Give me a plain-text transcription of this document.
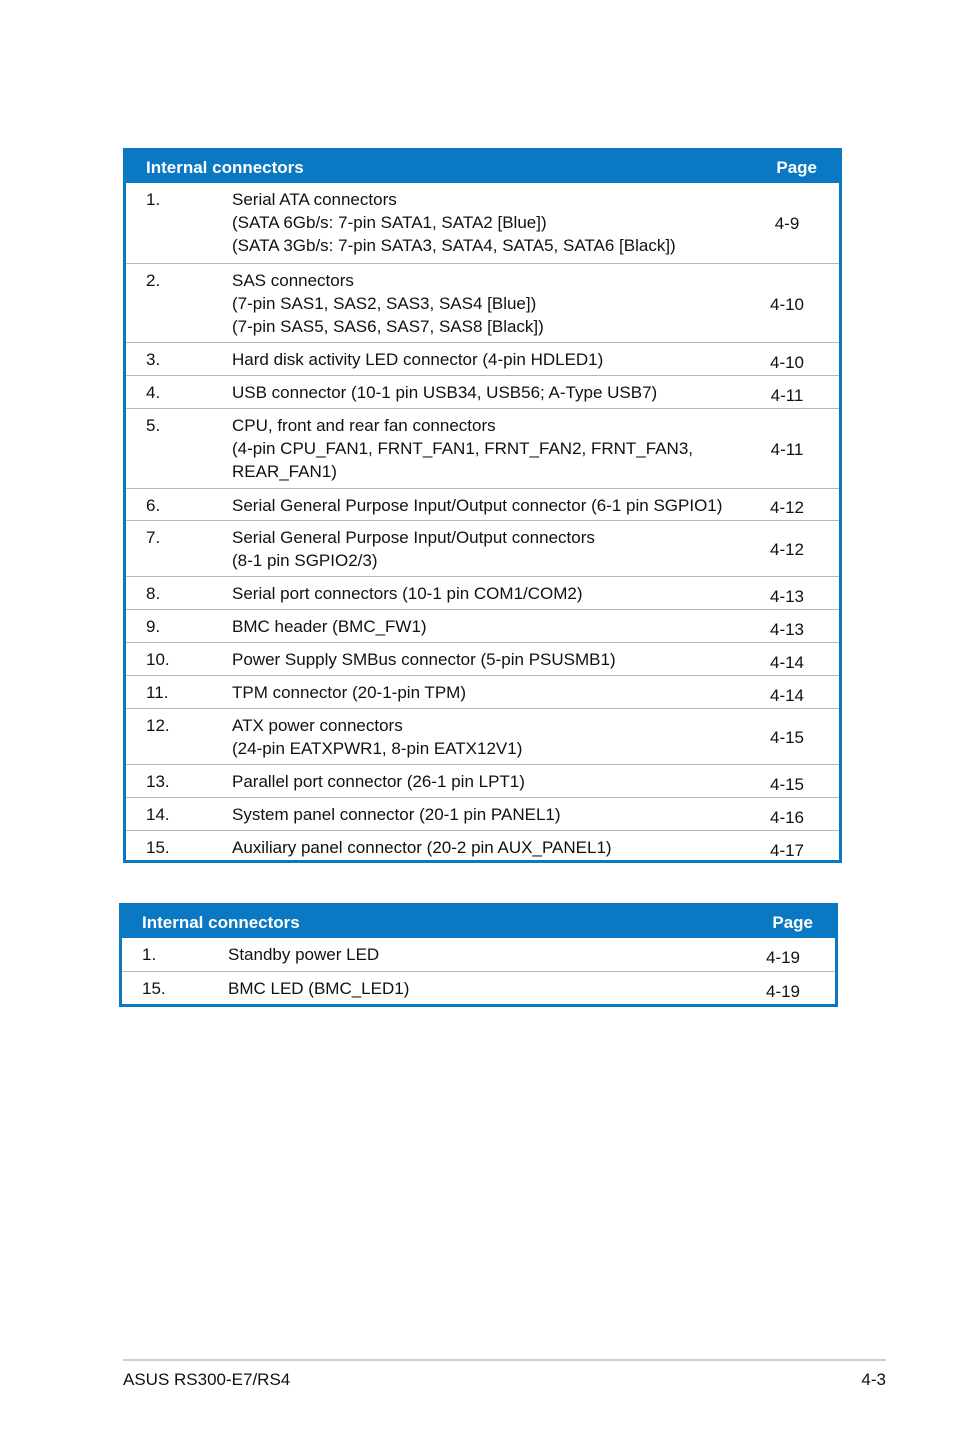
Internal connectors	Page
1.	Serial ATA connectors
(SATA 6Gb/s: 7-pin SATA1, SATA2 [Blue])
(SATA 3Gb/s: 7-pin SATA3, SATA4, SATA5, SATA6 [Black])
4-9
2.	SAS connectors
(7-pin SAS1, SAS2, SAS3, SAS4 [Blue])
(7-pin SAS5, SAS6, SAS7, SAS8 [Black])
4-10
3.	Hard disk activity LED connector (4-pin HDLED1)	4-10
4.	USB connector (10-1 pin USB34, USB56; A-Type USB7)	4-11
5.	CPU, front and rear fan connectors
(4-pin CPU_FAN1, FRNT_FAN1, FRNT_FAN2, FRNT_FAN3,
REAR_FAN1)
4-11
6.	Serial General Purpose Input/Output connector (6-1 pin SGPIO1)	4-12
7.	Serial General Purpose Input/Output connectors
(8-1 pin SGPIO2/3)
4-12
8.	Serial port connectors (10-1 pin COM1/COM2)	4-13
9.	BMC header (BMC_FW1)	4-13
10.	Power Supply SMBus connector (5-pin PSUSMB1)	4-14
11.	TPM connector (20-1-pin TPM)	4-14
12.	ATX power connectors
(24-pin EATXPWR1, 8-pin EATX12V1)
4-15
13.	Parallel port connector (26-1 pin LPT1)	4-15
14.	System panel connector (20-1 pin PANEL1)	4-16
15.	Auxiliary panel connector (20-2 pin AUX_PANEL1)	4-17
Internal connectors	Page
1.	Standby power LED	4-19
15.	BMC LED (BMC_LED1)	4-19
ASUS RS300-E7/RS4	4-3
